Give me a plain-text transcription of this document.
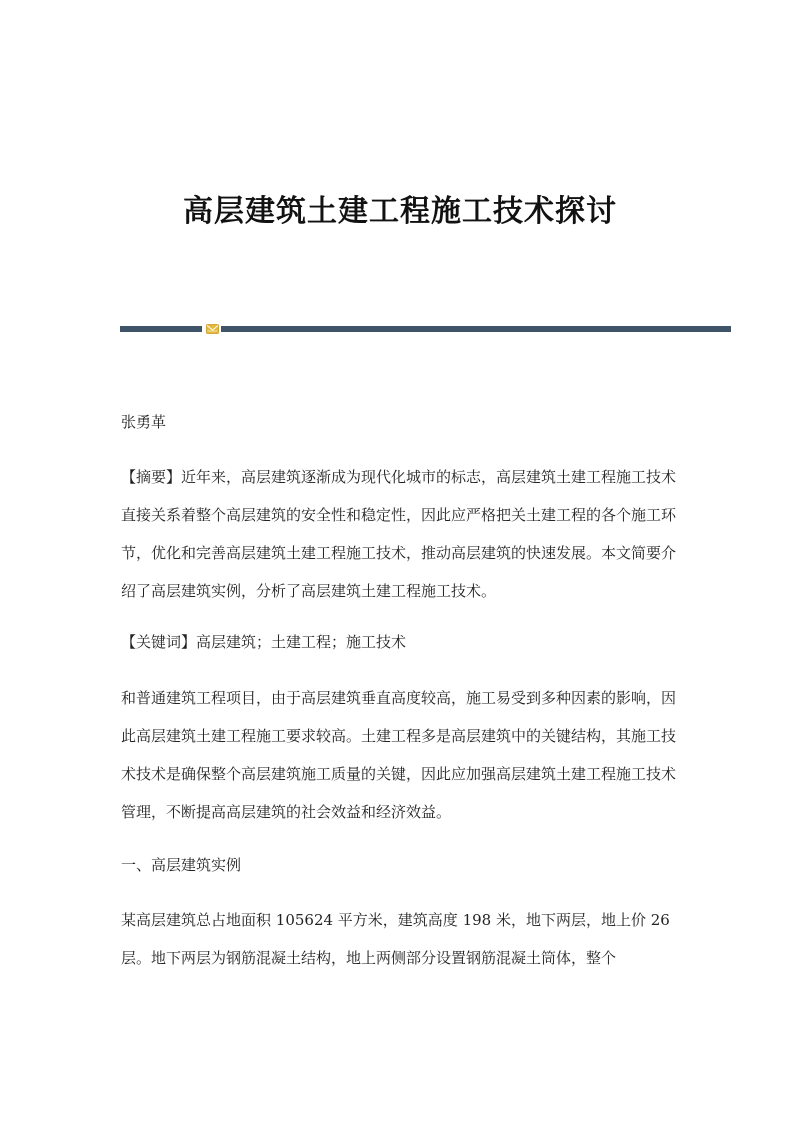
高层建筑土建工程施工技术探讨

张勇革

【摘要】近年来，高层建筑逐渐成为现代化城市的标志，高层建筑土建工程施工技术直接关系着整个高层建筑的安全性和稳定性，因此应严格把关土建工程的各个施工环节，优化和完善高层建筑土建工程施工技术，推动高层建筑的快速发展。本文简要介绍了高层建筑实例，分析了高层建筑土建工程施工技术。

【关键词】高层建筑；土建工程；施工技术

和普通建筑工程项目，由于高层建筑垂直高度较高，施工易受到多种因素的影响，因此高层建筑土建工程施工要求较高。土建工程多是高层建筑中的关键结构，其施工技术技术是确保整个高层建筑施工质量的关键，因此应加强高层建筑土建工程施工技术管理，不断提高高层建筑的社会效益和经济效益。

一、高层建筑实例

某高层建筑总占地面积 105624 平方米，建筑高度 198 米，地下两层，地上价 26 层。地下两层为钢筋混凝土结构，地上两侧部分设置钢筋混凝土筒体，整个
